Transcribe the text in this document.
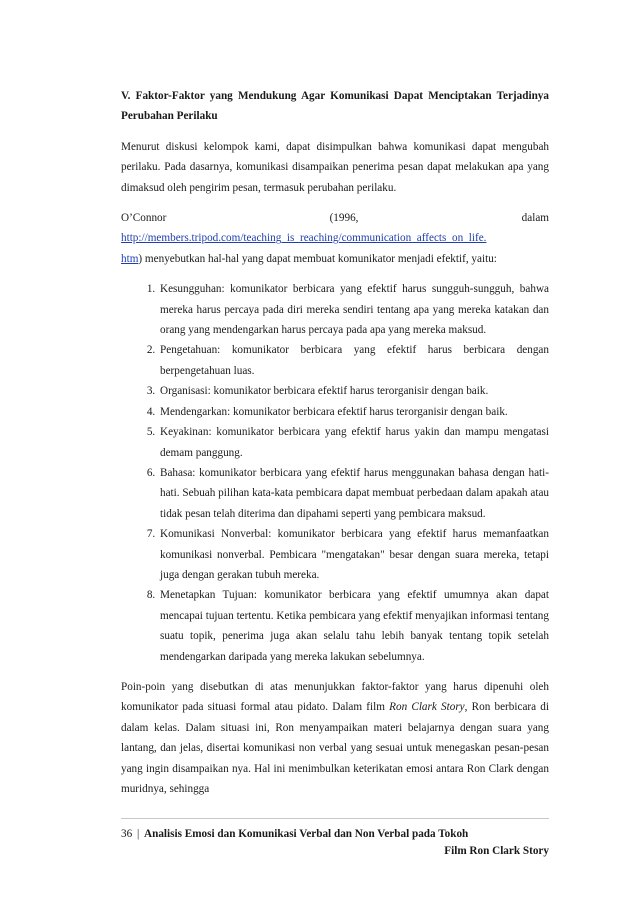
V. Faktor-Faktor yang Mendukung Agar Komunikasi Dapat Menciptakan Terjadinya Perubahan Perilaku

Menurut diskusi kelompok kami, dapat disimpulkan bahwa komunikasi dapat mengubah perilaku. Pada dasarnya, komunikasi disampaikan penerima pesan dapat melakukan apa yang dimaksud oleh pengirim pesan, termasuk perubahan perilaku.

O’Connor	(1996,	dalam
http://members.tripod.com/teaching_is_reaching/communication_affects_on_life.
htm) menyebutkan hal-hal yang dapat membuat komunikator menjadi efektif, yaitu:
1. Kesungguhan: komunikator berbicara yang efektif harus sungguh-sungguh, bahwa mereka harus percaya pada diri mereka sendiri tentang apa yang mereka katakan dan orang yang mendengarkan harus percaya pada apa yang mereka maksud.
2. Pengetahuan: komunikator berbicara yang efektif harus berbicara dengan berpengetahuan luas.
3. Organisasi: komunikator berbicara efektif harus terorganisir dengan baik.
4. Mendengarkan: komunikator berbicara efektif harus terorganisir dengan baik.
5. Keyakinan: komunikator berbicara yang efektif harus yakin dan mampu mengatasi demam panggung.
6. Bahasa: komunikator berbicara yang efektif harus menggunakan bahasa dengan hati-hati. Sebuah pilihan kata-kata pembicara dapat membuat perbedaan dalam apakah atau tidak pesan telah diterima dan dipahami seperti yang pembicara maksud.
7. Komunikasi Nonverbal: komunikator berbicara yang efektif harus memanfaatkan komunikasi nonverbal. Pembicara "mengatakan" besar dengan suara mereka, tetapi juga dengan gerakan tubuh mereka.
8. Menetapkan Tujuan: komunikator berbicara yang efektif umumnya akan dapat mencapai tujuan tertentu. Ketika pembicara yang efektif menyajikan informasi tentang suatu topik, penerima juga akan selalu tahu lebih banyak tentang topik setelah mendengarkan daripada yang mereka lakukan sebelumnya.

Poin-poin yang disebutkan di atas menunjukkan faktor-faktor yang harus dipenuhi oleh komunikator pada situasi formal atau pidato. Dalam film Ron Clark Story, Ron berbicara di dalam kelas. Dalam situasi ini, Ron menyampaikan materi belajarnya dengan suara yang lantang, dan jelas, disertai komunikasi non verbal yang sesuai untuk menegaskan pesan-pesan yang ingin disampaikan nya. Hal ini menimbulkan keterikatan emosi antara Ron Clark dengan muridnya, sehingga

36 | Analisis Emosi dan Komunikasi Verbal dan Non Verbal pada Tokoh
Film Ron Clark Story
